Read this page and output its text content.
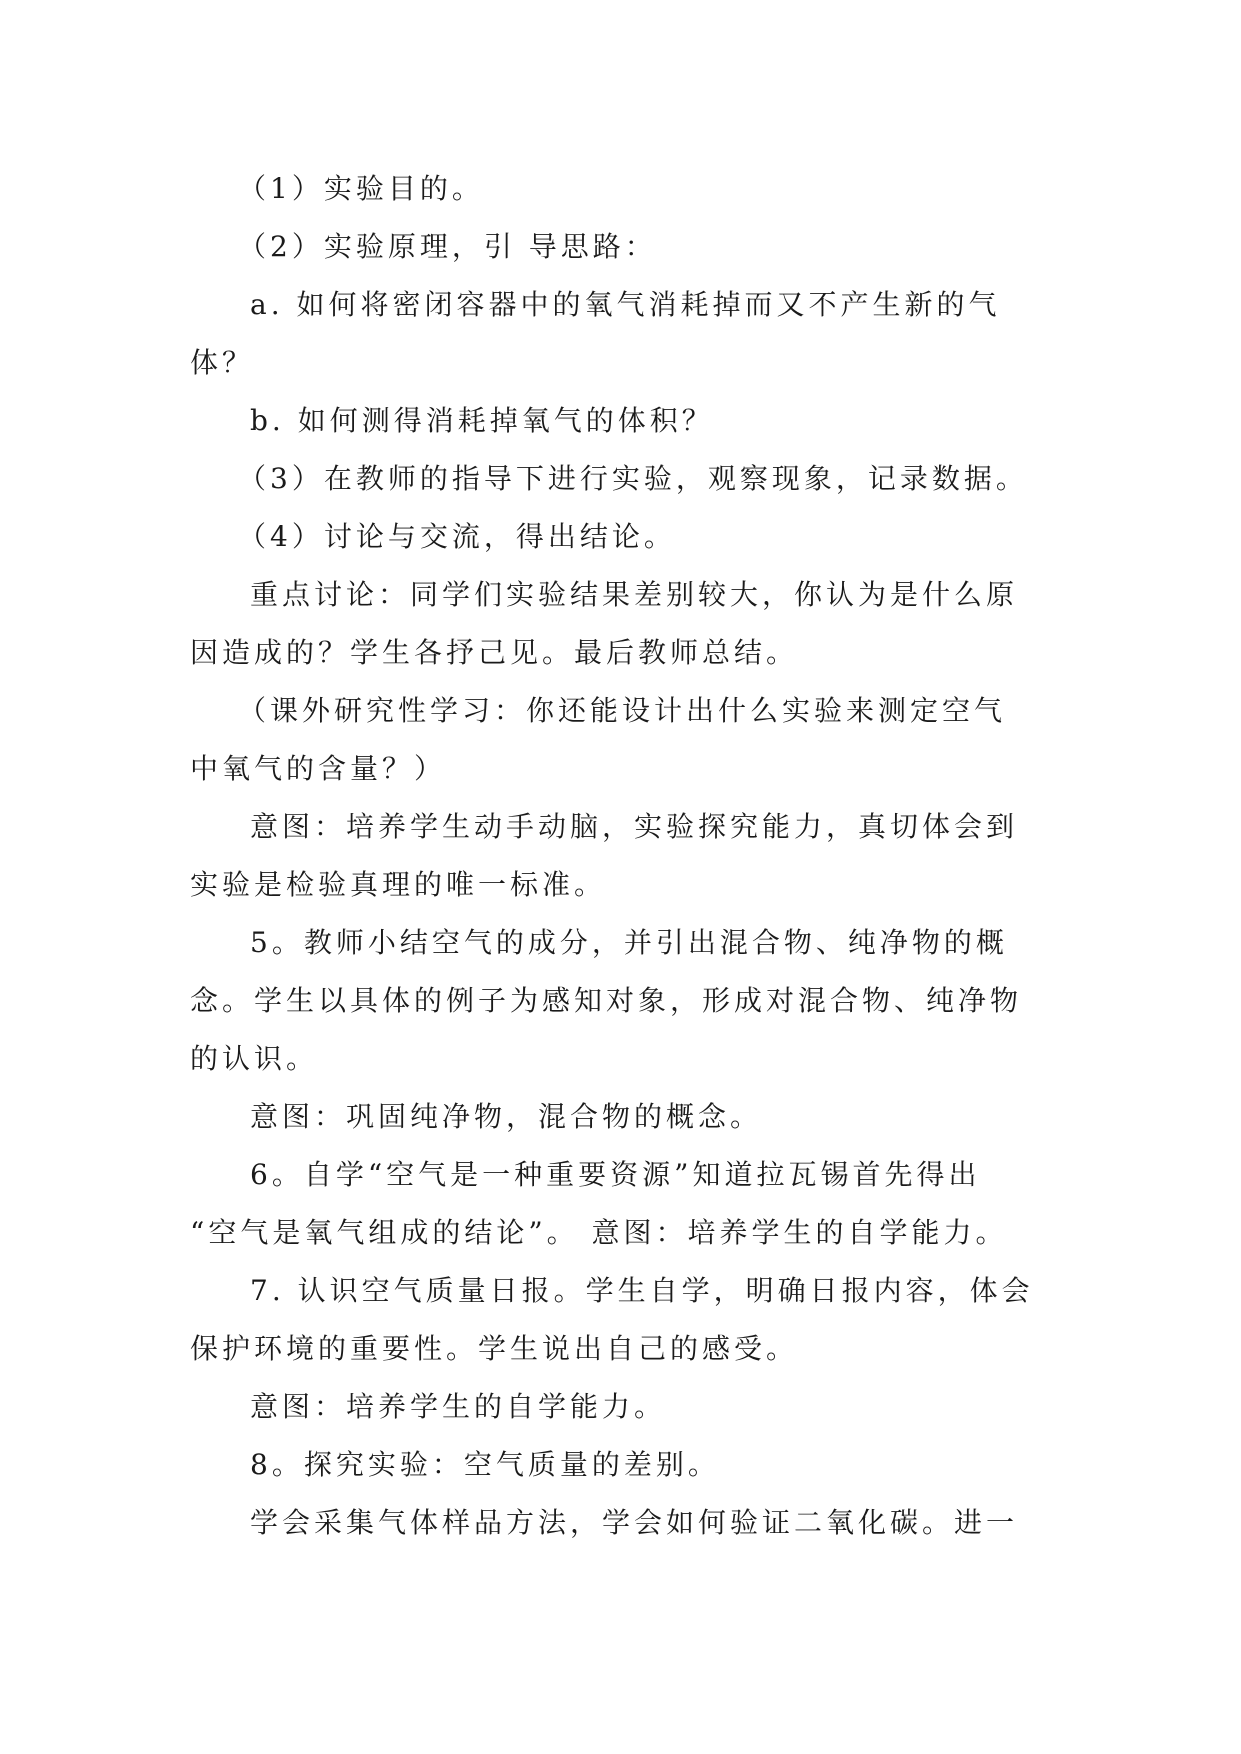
（1）实验目的。
（2）实验原理，引 导思路：
a. 如何将密闭容器中的氧气消耗掉而又不产生新的气
体？
b. 如何测得消耗掉氧气的体积？
（3）在教师的指导下进行实验，观察现象，记录数据。
（4）讨论与交流，得出结论。
重点讨论：同学们实验结果差别较大，你认为是什么原
因造成的？学生各抒己见。最后教师总结。
（课外研究性学习：你还能设计出什么实验来测定空气
中氧气的含量？）
意图：培养学生动手动脑，实验探究能力，真切体会到
实验是检验真理的唯一标准。
5。教师小结空气的成分，并引出混合物、纯净物的概
念。学生以具体的例子为感知对象，形成对混合物、纯净物
的认识。
意图：巩固纯净物，混合物的概念。
6。自学“空气是一种重要资源”知道拉瓦锡首先得出
“空气是氧气组成的结论”。 意图：培养学生的自学能力。
7. 认识空气质量日报。学生自学，明确日报内容，体会
保护环境的重要性。学生说出自己的感受。
意图：培养学生的自学能力。
8。探究实验：空气质量的差别。
学会采集气体样品方法，学会如何验证二氧化碳。进一
